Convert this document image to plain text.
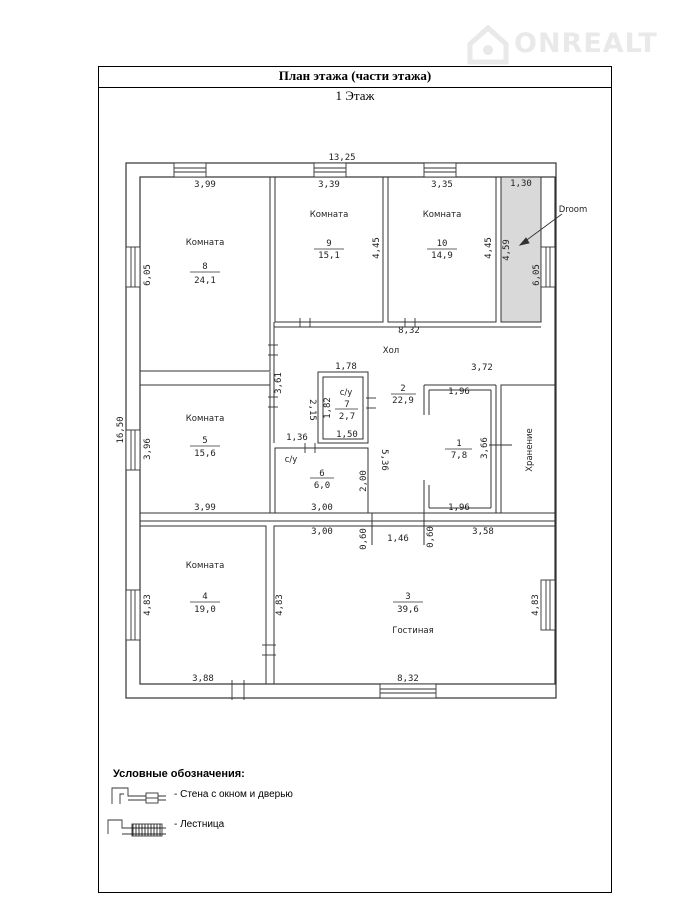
ONREALT
План этажа (части этажа)
1 Этаж
13,25
16,50
3,99
6,05
3,39
4,45
3,35
4,45
1,30
4,59
6,05
8,32
1,78	3,72
3,61
1,82
2,15
1,50
1,96
3,66
1,96
3,96
3,99
1,36
5,36
2,00
3,00
3,00	0,60 1,46 0,60	3,58
4,83	4,83
3,88
4,83
8,32
Комната
8
24,1
Комната
9
15,1
Комната
10
14,9
Droom
Хол
2
22,9
с/у
7
2,7
с/у
6
6,0
1
7,8	Хранение
Комната
5
15,6
Комната
4
19,0
3
39,6
Гостиная
Условные обозначения:
- Стена с окном и дверью
- Лестница
